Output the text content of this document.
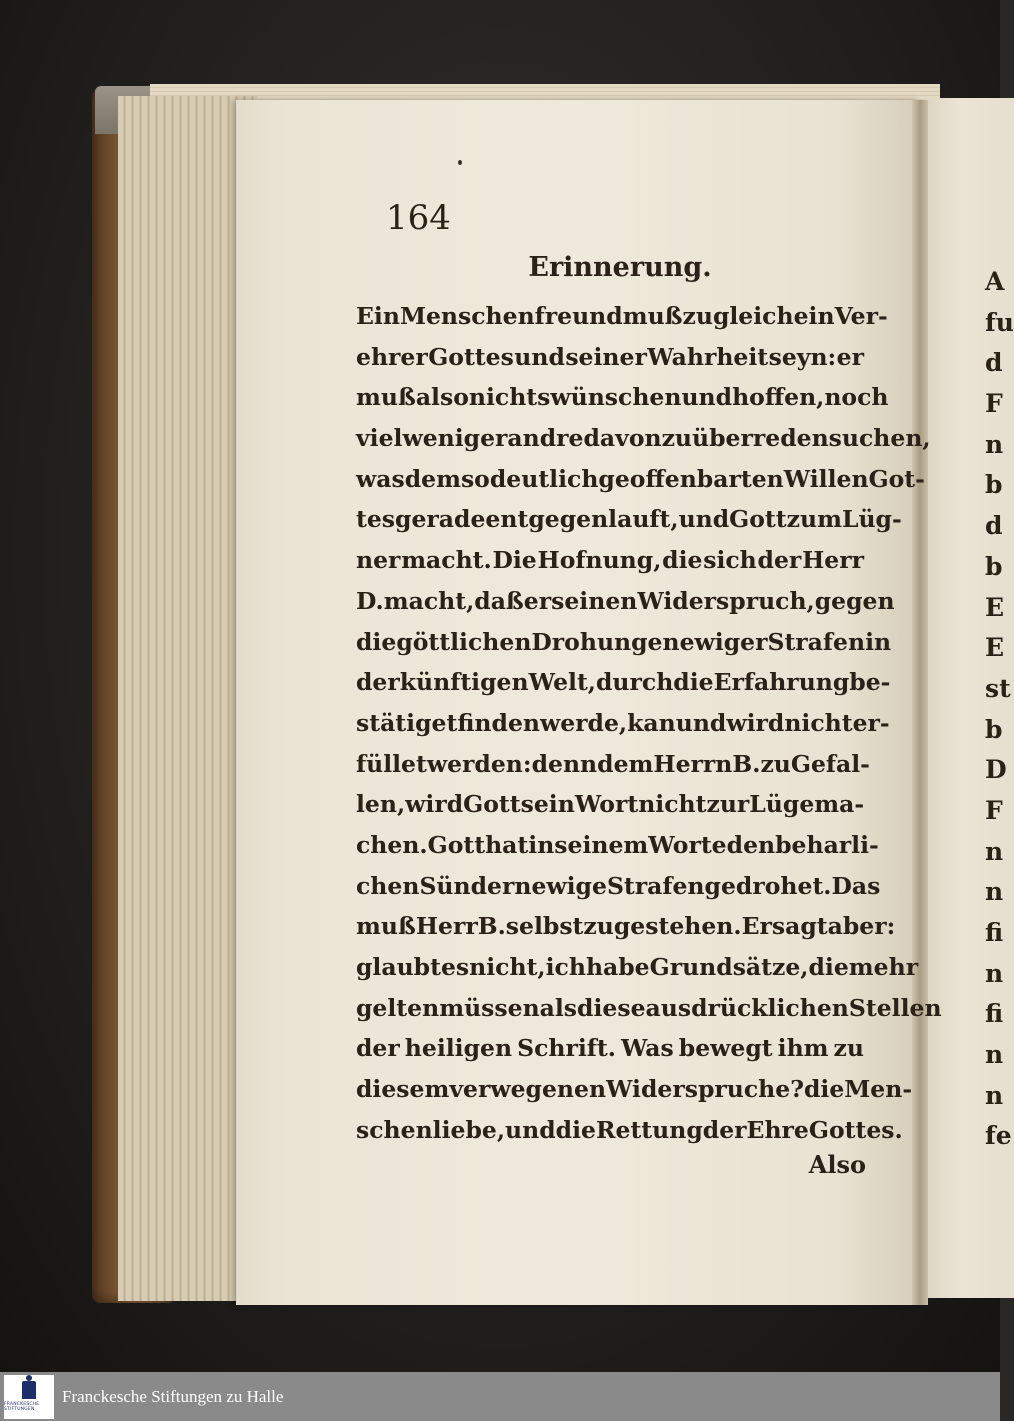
A
fu
d
F
n
b
d
b
E
E
st
b
D
F
n
n
fi
n
fi
n
n
fe
164
Erinnerung.
Ein Menschenfreund muß zugleich ein Ver-
ehrer Gottes und seiner Wahrheit seyn: er
muß also nichts wünschen und hoffen, noch
vielweniger andre davon zu überreden suchen,
was dem so deutlich geoffenbarten Willen Got-
tes gerade entgegen lauft, und Gott zum Lüg-
ner macht. Die Hofnung, die sich der Herr
D. macht, daß er seinen Widerspruch, gegen
die göttlichen Drohungen ewiger Strafen in
der künftigen Welt, durch die Erfahrung be-
stätiget finden werde, kan und wird nicht er-
füllet werden: denn dem Herrn B. zu Gefal-
len, wird Gott sein Wort nicht zur Lüge ma-
chen. Gott hat in seinem Worte den beharli-
chen Sündern ewige Strafen gedrohet. Das
muß Herr B. selbst zugestehen. Er sagt aber:
glaubt es nicht, ich habe Grundsätze, die mehr
gelten müssen als diese ausdrücklichen Stellen
der heiligen Schrift. Was bewegt ihm zu
diesem verwegenen Widerspruche? die Men-
schenliebe, und die Rettung der Ehre Gottes.
Also
FRANCKESCHE STIFTUNGEN
Franckesche Stiftungen zu Halle
